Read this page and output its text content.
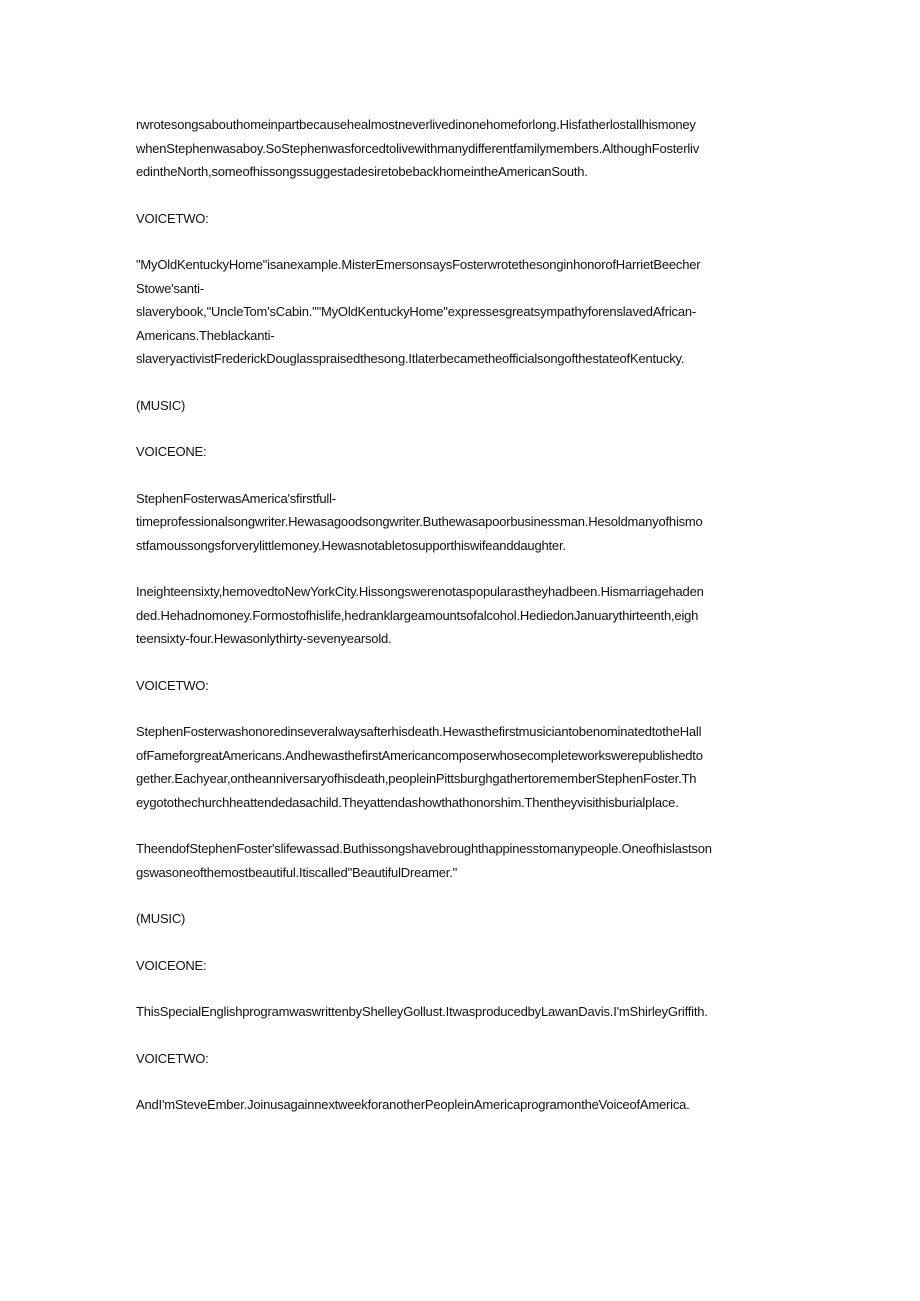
rwrotesongsabouthomeinpartbecausehealmostneverlivedinonehomeforlong.Hisfatherlostallhismoney
whenStephenwasaboy.SoStephenwasforcedtolivewithmanydifferentfamilymembers.AlthoughFosterliv
edintheNorth,someofhissongssuggestadesiretobebackhomeintheAmericanSouth.

VOICETWO:

"MyOldKentuckyHome"isanexample.MisterEmersonsaysFosterwrotethesonginhonorofHarrietBeecher
Stowe'santi-
slaverybook,"UncleTom'sCabin.""MyOldKentuckyHome"expressesgreatsympathyforenslavedAfrican-
Americans.Theblackanti-
slaveryactivistFrederickDouglasspraisedthesong.ItlaterbecametheofficialsongofthestateofKentucky.

(MUSIC)

VOICEONE:

StephenFosterwasAmerica'sfirstfull-
timeprofessionalsongwriter.Hewasagoodsongwriter.Buthewasapoorbusinessman.Hesoldmanyofhismo
stfamoussongsforverylittlemoney.Hewasnotabletosupporthiswifeanddaughter.

Ineighteensixty,hemovedtoNewYorkCity.Hissongswerenotaspopularastheyhadbeen.Hismarriagehaden
ded.Hehadnomoney.Formostofhislife,hedranklargeamountsofalcohol.HediedonJanuarythirteenth,eigh
teensixty-four.Hewasonlythirty-sevenyearsold.

VOICETWO:

StephenFosterwashonoredinseveralwaysafterhisdeath.HewasthefirstmusiciantobenominatedtotheHall
ofFameforgreatAmericans.AndhewasthefirstAmericancomposerwhosecompleteworkswerepublishedto
gether.Eachyear,ontheanniversaryofhisdeath,peopleinPittsburghgathertorememberStephenFoster.Th
eygotothechurchheattendedasachild.Theyattendashowthathonorshim.Thentheyvisithisburialplace.

TheendofStephenFoster'slifewassad.Buthissongshavebroughthappinesstomanypeople.Oneofhislastson
gswasoneofthemostbeautiful.Itiscalled"BeautifulDreamer."

(MUSIC)

VOICEONE:

ThisSpecialEnglishprogramwaswrittenbyShelleyGollust.ItwasproducedbyLawanDavis.I'mShirleyGriffith.

VOICETWO:

AndI'mSteveEmber.JoinusagainnextweekforanotherPeopleinAmericaprogramontheVoiceofAmerica.
